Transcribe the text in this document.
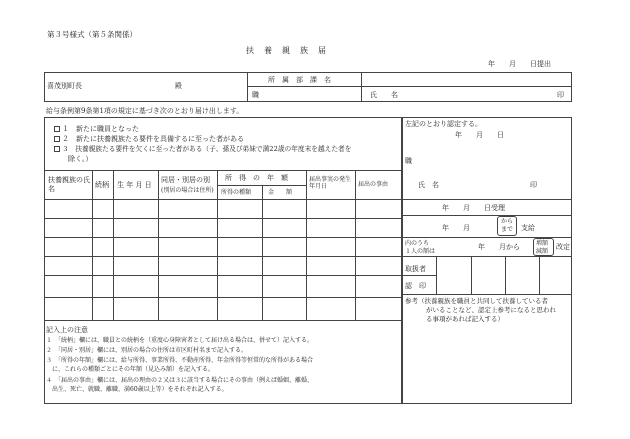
第３号様式（第５条関係）
扶　養　親　族　届
年　　月　　日提出
喜茂別町長	殿
所　属　部　課　名
職	氏　　名	印
給与条例第9条第1項の規定に基づき次のとおり届け出します。
１　新たに職員となった
２　新たに扶養親族たる要件を具備するに至った者がある
３　扶養親族たる要件を欠くに至った者がある（子、孫及び弟妹で満22歳の年度末を越えた者を
除く。）
扶養親族の氏名	続柄 生 年 月 日
同居・別居の別
(別居の場合は住所)
所　得　の　年　額
所得の種類	金　　額
届出事実の発生年月日	届出の事由
記入上の注意
１　「続柄」欄には、職員との続柄を（重度心身障害者として届け出る場合は、併せて）記入する。
２　「同居・別居」欄には、別居の場合の住所は市区町村名まで記入する。
３　「所得の年額」欄には、給与所得、事業所得、不動産所得、年金所得等恒常的な所得がある場合
　に、これらの種類ごとにその年額（見込み額）を記入する。
４　「届出の事由」欄には、届出の理由の２又は３に該当する場合にその事由（例えば婚姻、離婚、
　出生、死亡、就職、離職、満60歳以上等）をそれぞれ記入する。
左記のとおり認定する。
年　　月　　日
職
氏　名	印
年　　月　　日受理
年　　月
から
まで 支給
内のうち
１人の額は
年　　月から	増額
減額
改定
取扱者
認　印
参考（扶養親族を職員と共同して扶養している者
がいることなど、認定上参考になると思われ
る事項があれば記入する）
